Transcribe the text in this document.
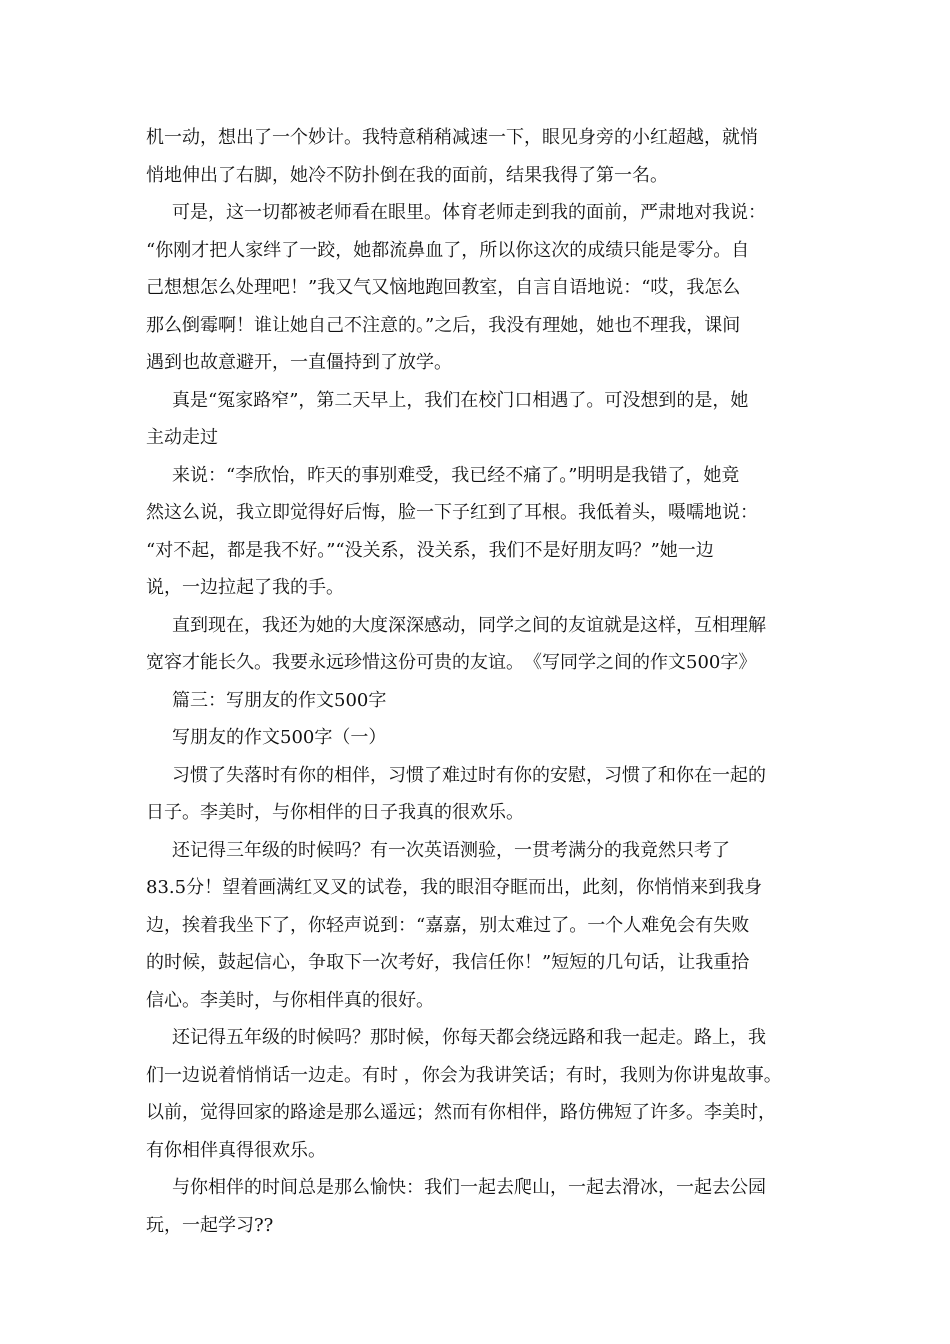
机一动，想出了一个妙计。我特意稍稍减速一下，眼见身旁的小红超越，就悄
悄地伸出了右脚，她冷不防扑倒在我的面前，结果我得了第一名。
可是，这一切都被老师看在眼里。体育老师走到我的面前，严肃地对我说：
“你刚才把人家绊了一跤，她都流鼻血了，所以你这次的成绩只能是零分。自
己想想怎么处理吧！”我又气又恼地跑回教室，自言自语地说：“哎，我怎么
那么倒霉啊！谁让她自己不注意的。”之后，我没有理她，她也不理我，课间
遇到也故意避开，一直僵持到了放学。
真是“冤家路窄”，第二天早上，我们在校门口相遇了。可没想到的是，她
主动走过
来说：“李欣怡，昨天的事别难受，我已经不痛了。”明明是我错了，她竟
然这么说，我立即觉得好后悔，脸一下子红到了耳根。我低着头，嗫嚅地说：
“对不起，都是我不好。”“没关系，没关系，我们不是好朋友吗？”她一边
说，一边拉起了我的手。
直到现在，我还为她的大度深深感动，同学之间的友谊就是这样，互相理解
宽容才能长久。我要永远珍惜这份可贵的友谊。　《写同学之间的作文500字》
篇三：写朋友的作文500字
写朋友的作文500字（一）
习惯了失落时有你的相伴，习惯了难过时有你的安慰，习惯了和你在一起的
日子。李美时，与你相伴的日子我真的很欢乐。
还记得三年级的时候吗？有一次英语测验，一贯考满分的我竟然只考了
83.5分！望着画满红叉叉的试卷，我的眼泪夺眶而出，此刻，你悄悄来到我身
边，挨着我坐下了，你轻声说到：“嘉嘉，别太难过了。一个人难免会有失败
的时候，鼓起信心，争取下一次考好，我信任你！”短短的几句话，让我重拾
信心。李美时，与你相伴真的很好。
还记得五年级的时候吗？那时候，你每天都会绕远路和我一起走。路上，我
们一边说着悄悄话一边走。有时 ，你会为我讲笑话；有时，我则为你讲鬼故事。
以前，觉得回家的路途是那么遥远；然而有你相伴，路仿佛短了许多。李美时，
有你相伴真得很欢乐。
与你相伴的时间总是那么愉快：我们一起去爬山，一起去滑冰，一起去公园
玩，一起学习??
